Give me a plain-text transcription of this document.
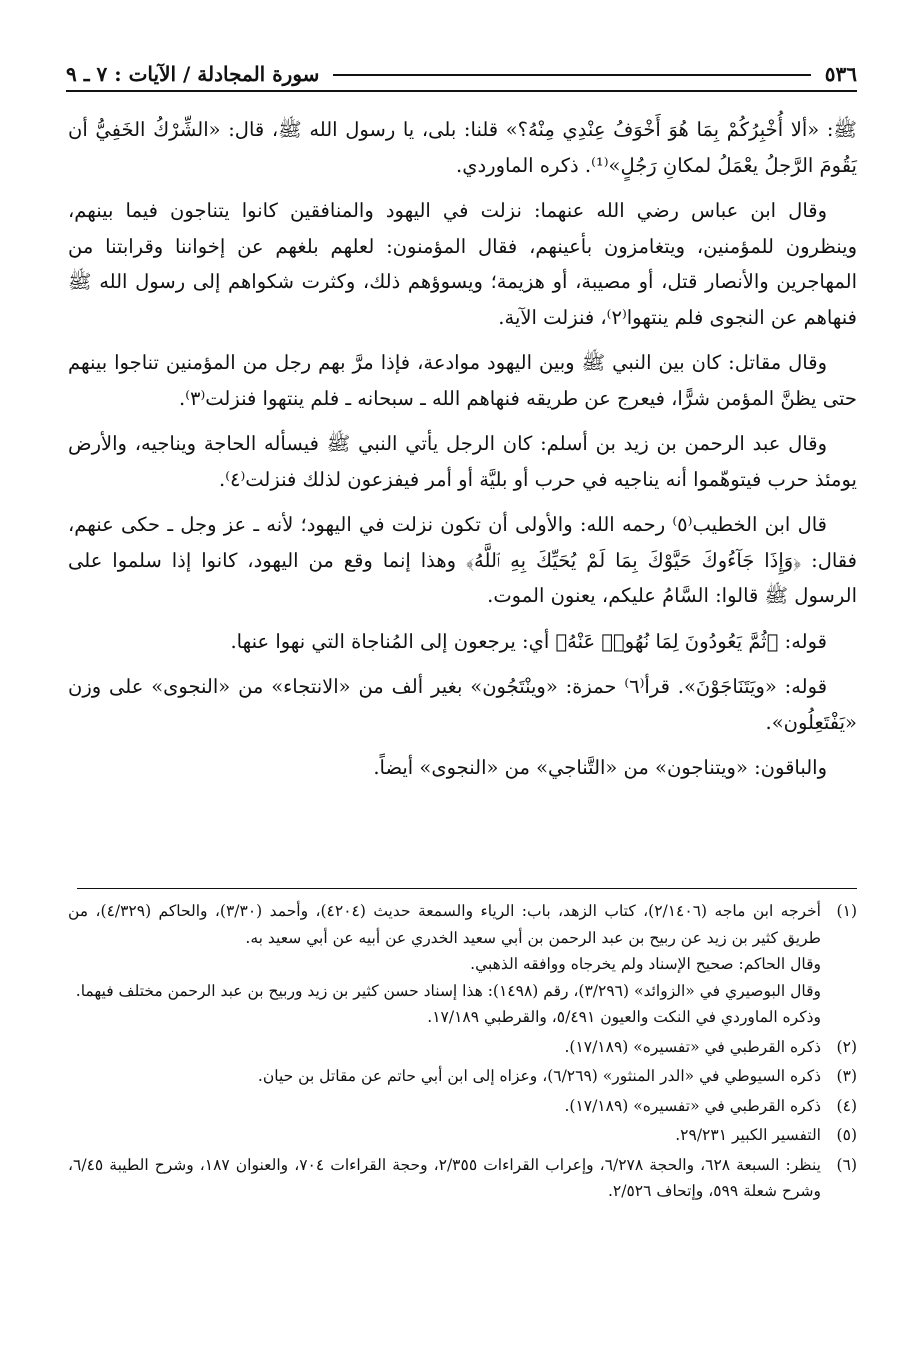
٥٣٦
سورة المجادلة / الآيات : ٧ ـ ٩

ﷺ: «ألا أُخْبِرُكُمْ بِمَا هُوَ أَخْوَفُ عِنْدِي مِنْهُ؟» قلنا: بلى، يا رسول الله ﷺ، قال: «الشِّرْكُ الخَفِيُّ أن يَقُومَ الرَّجلُ يعْمَلُ لمكانِ رَجُلٍ»⁽¹⁾. ذكره الماوردي.

وقال ابن عباس رضي الله عنهما: نزلت في اليهود والمنافقين كانوا يتناجون فيما بينهم، وينظرون للمؤمنين، ويتغامزون بأعينهم، فقال المؤمنون: لعلهم بلغهم عن إخواننا وقرابتنا من المهاجرين والأنصار قتل، أو مصيبة، أو هزيمة؛ ويسوؤهم ذلك، وكثرت شكواهم إلى رسول الله ﷺ فنهاهم عن النجوى فلم ينتهوا⁽٢⁾، فنزلت الآية.

وقال مقاتل: كان بين النبي ﷺ وبين اليهود موادعة، فإذا مرَّ بهم رجل من المؤمنين تناجوا بينهم حتى يظنَّ المؤمن شرًّا، فيعرج عن طريقه فنهاهم الله ـ سبحانه ـ فلم ينتهوا فنزلت⁽٣⁾.

وقال عبد الرحمن بن زيد بن أسلم: كان الرجل يأتي النبي ﷺ فيسأله الحاجة ويناجيه، والأرض يومئذ حرب فيتوهّموا أنه يناجيه في حرب أو بليَّة أو أمر فيفزعون لذلك فنزلت⁽٤⁾.

قال ابن الخطيب⁽٥⁾ رحمه الله: والأولى أن تكون نزلت في اليهود؛ لأنه ـ عز وجل ـ حكى عنهم، فقال: ﴿وَإِذَا جَآءُوكَ حَيَّوْكَ بِمَا لَمْ يُحَيِّكَ بِهِ ٱللَّهُ﴾ وهذا إنما وقع من اليهود، كانوا إذا سلموا على الرسول ﷺ قالوا: السَّامُ عليكم، يعنون الموت.

قوله: ﴿ثُمَّ يَعُودُونَ لِمَا نُهُوا۟ عَنْهُ﴾ أي: يرجعون إلى المُناجاة التي نهوا عنها.

قوله: «ويَتَنَاجَوْنَ». قرأ⁽٦⁾ حمزة: «وينْتَجُون» بغير ألف من «الانتجاء» من «النجوى» على وزن «يَفْتَعِلُون».

والباقون: «ويتناجون» من «التَّناجي» من «النجوى» أيضاً.

(١)
أخرجه ابن ماجه (٢/١٤٠٦)، كتاب الزهد، باب: الرياء والسمعة حديث (٤٢٠٤)، وأحمد (٣/٣٠)، والحاكم (٤/٣٢٩)، من طريق كثير بن زيد عن ربيح بن عبد الرحمن بن أبي سعيد الخدري عن أبيه عن أبي سعيد به.
وقال الحاكم: صحيح الإسناد ولم يخرجاه ووافقه الذهبي.
وقال البوصيري في «الزوائد» (٣/٢٩٦)، رقم (١٤٩٨): هذا إسناد حسن كثير بن زيد وربيح بن عبد الرحمن مختلف فيهما.
وذكره الماوردي في النكت والعيون ٥/٤٩١، والقرطبي ١٧/١٨٩.
(٢)
ذكره القرطبي في «تفسيره» (١٧/١٨٩).
(٣)
ذكره السيوطي في «الدر المنثور» (٦/٢٦٩)، وعزاه إلى ابن أبي حاتم عن مقاتل بن حيان.
(٤)
ذكره القرطبي في «تفسيره» (١٧/١٨٩).
(٥)
التفسير الكبير ٢٩/٢٣١.
(٦)
ينظر: السبعة ٦٢٨، والحجة ٦/٢٧٨، وإعراب القراءات ٢/٣٥٥، وحجة القراءات ٧٠٤، والعنوان ١٨٧، وشرح الطيبة ٦/٤٥، وشرح شعلة ٥٩٩، وإتحاف ٢/٥٢٦.
